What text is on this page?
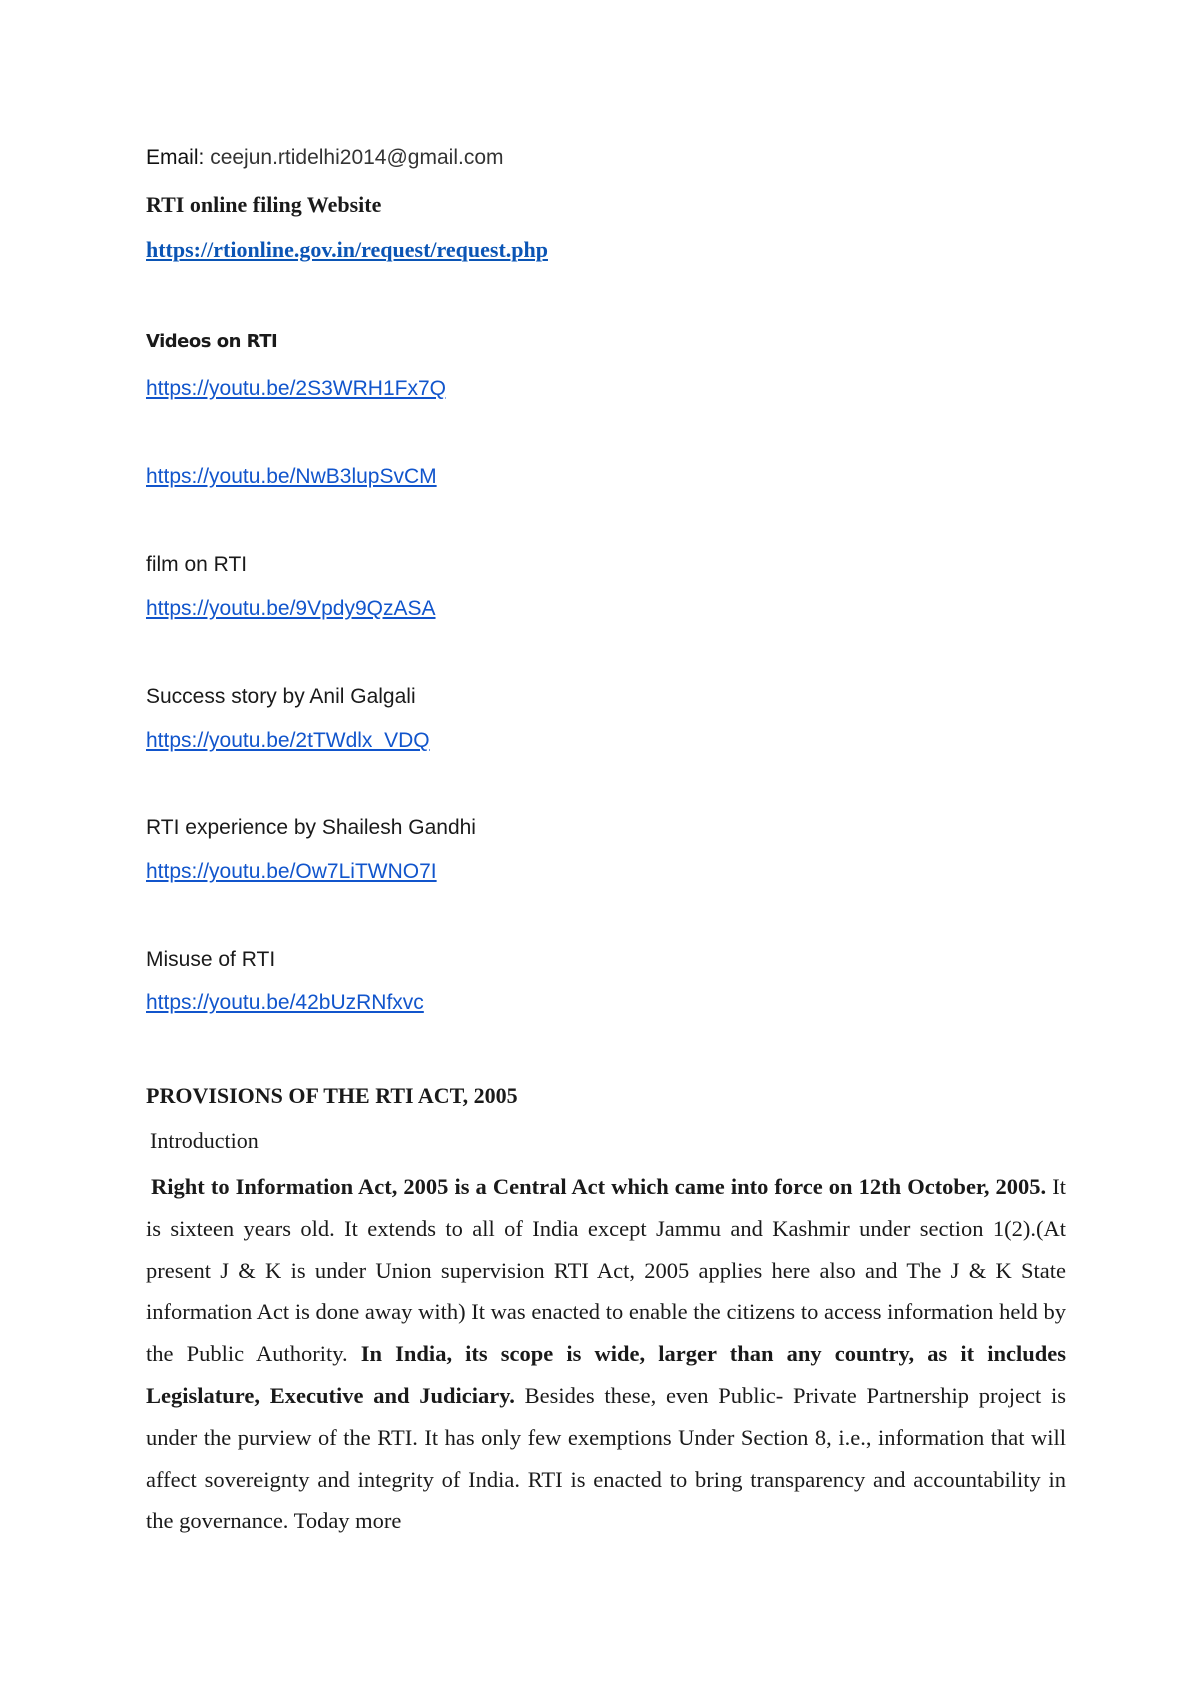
Email: ceejun.rtidelhi2014@gmail.com
RTI online filing Website
https://rtionline.gov.in/request/request.php
Videos on RTI
https://youtu.be/2S3WRH1Fx7Q
https://youtu.be/NwB3lupSvCM
film on RTI
https://youtu.be/9Vpdy9QzASA
Success story by Anil Galgali
https://youtu.be/2tTWdlx_VDQ
RTI experience by Shailesh Gandhi
https://youtu.be/Ow7LiTWNO7I
Misuse of RTI
https://youtu.be/42bUzRNfxvc
PROVISIONS OF THE RTI ACT, 2005
Introduction
Right to Information Act, 2005 is a Central Act which came into force on 12th October, 2005. It is sixteen years old. It extends to all of India except Jammu and Kashmir under section 1(2).(At present J & K is under Union supervision RTI Act, 2005 applies here also and The J & K State information Act is done away with) It was enacted to enable the citizens to access information held by the Public Authority. In India, its scope is wide, larger than any country, as it includes Legislature, Executive and Judiciary. Besides these, even Public- Private Partnership project is under the purview of the RTI. It has only few exemptions Under Section 8, i.e., information that will affect sovereignty and integrity of India. RTI is enacted to bring transparency and accountability in the governance. Today more
